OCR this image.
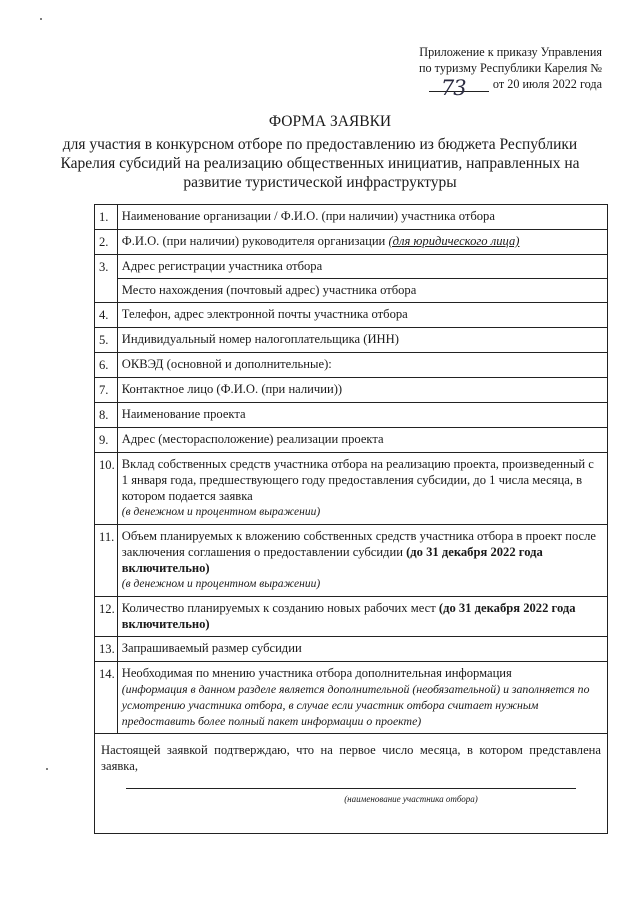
Приложение к приказу Управления
по туризму Республики Карелия №
73 от 20 июля 2022 года
ФОРМА ЗАЯВКИ
для участия в конкурсном отборе по предоставлению из бюджета Республики Карелия субсидий на реализацию общественных инициатив, направленных на развитие туристической инфраструктуры
1.	Наименование организации / Ф.И.О. (при наличии) участника отбора
2.	Ф.И.О. (при наличии) руководителя организации (для юридического лица)
3.	Адрес регистрации участника отбора
	Место нахождения (почтовый адрес) участника отбора
4.	Телефон, адрес электронной почты участника отбора
5.	Индивидуальный номер налогоплательщика (ИНН)
6.	ОКВЭД (основной и дополнительные):
7.	Контактное лицо (Ф.И.О. (при наличии))
8.	Наименование проекта
9.	Адрес (месторасположение) реализации проекта
10.	Вклад собственных средств участника отбора на реализацию проекта, произведенный с 1 января года, предшествующего году предоставления субсидии, до 1 числа месяца, в котором подается заявка
(в денежном и процентном выражении)

11.	Объем планируемых к вложению собственных средств участника отбора в проект после заключения соглашения о предоставлении субсидии (до 31 декабря 2022 года включительно)
(в денежном и процентном выражении)

12.	Количество планируемых к созданию новых рабочих мест (до 31 декабря 2022 года включительно)
13.	Запрашиваемый размер субсидии
14.	Необходимая по мнению участника отбора дополнительная информация
(информация в данном разделе является дополнительной (необязательной) и заполняется по усмотрению участника отбора, в случае если участник отбора считает нужным предоставить более полный пакет информации о проекте)

Настоящей заявкой подтверждаю, что на первое число месяца, в котором представлена заявка,
(наименование участника отбора)	
